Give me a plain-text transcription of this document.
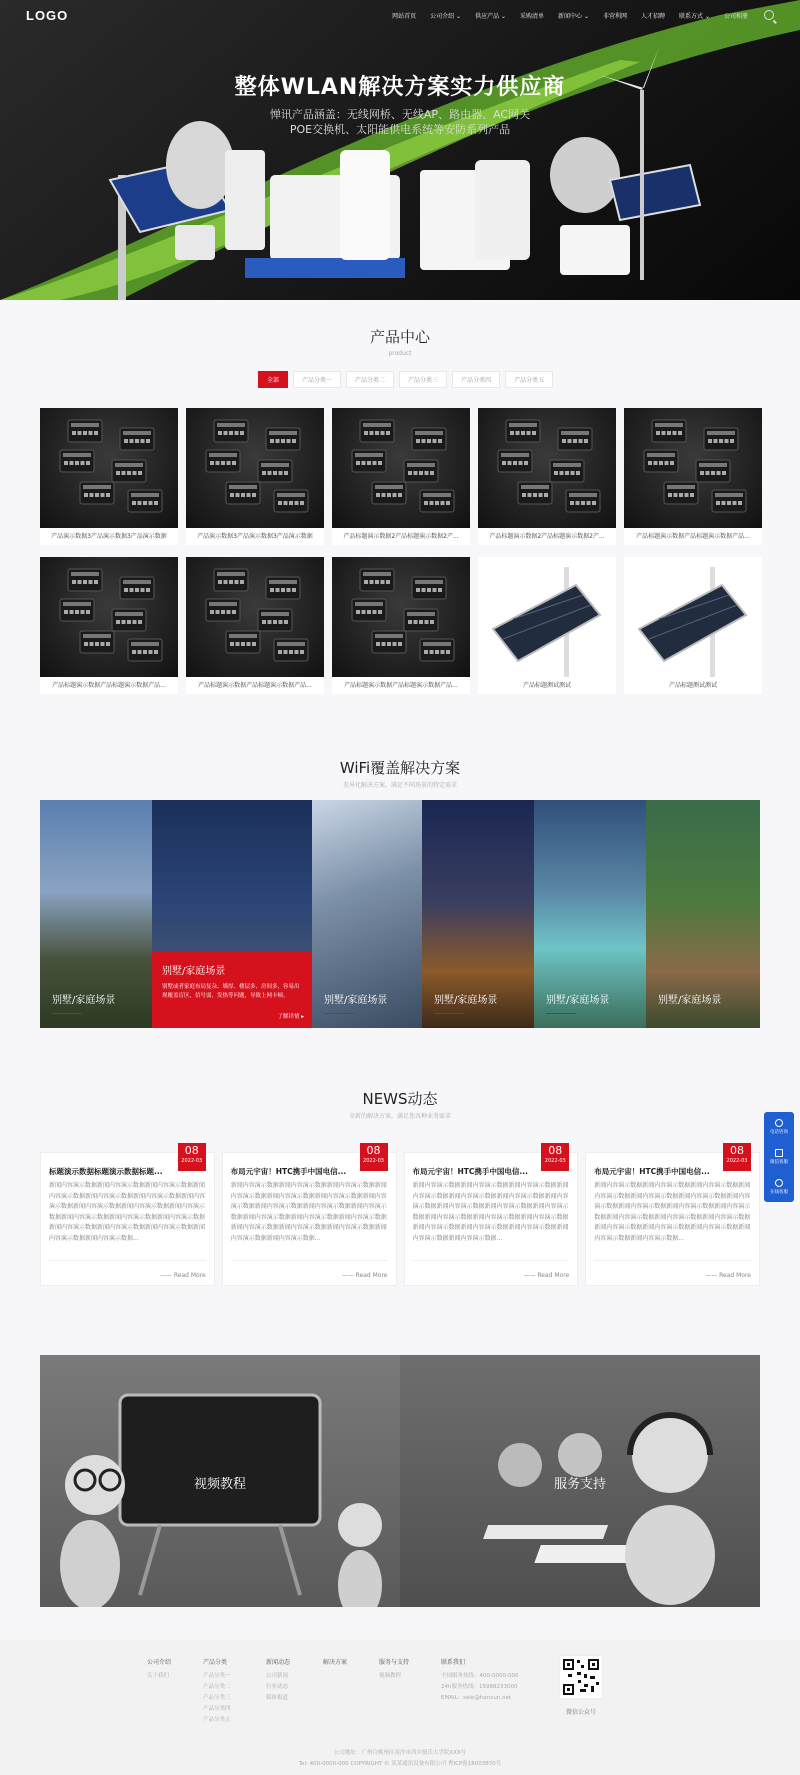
整体WLAN解决方案实力供应商

惮讯产品涵盖：无线网桥、无线AP、路由器、AC网关

POE交换机、太阳能供电系统等安防系列产品

LOGO	网站首页 公司介绍 ⌄ 供应产品 ⌄ 采购清单 新闻中心 ⌄ 非营利网 人才招聘 联系方式 ⌄ 公司相册
产品中心
product
全部	产品分类一	产品分类二	产品分类三	产品分类四	产品分类五
产品演示数据3产品演示数据3产品演示数据	产品演示数据3产品演示数据3产品演示数据	产品标题演示数据2产品标题演示数据2产...	产品标题演示数据2产品标题演示数据2产...	产品标题演示数据产品标题演示数据产品...
产品标题演示数据产品标题演示数据产品...	产品标题演示数据产品标题演示数据产品...	产品标题演示数据产品标题演示数据产品...	产品标题测试测试	产品标题测试测试
WiFi覆盖解决方案
差异化解决方案，满足不同场景的特定需求
别墅/家庭场景
别墅/家庭场景
别墅或者家庭布局复杂、墙厚、楼层多、房间多，容易出现覆盖盲区，信号弱、发热等问题，导致上网卡顿。
了解详情 ▸
别墅/家庭场景	别墅/家庭场景	别墅/家庭场景	别墅/家庭场景
NEWS动态
全新的解决方案，满足您各种业务需求
08
2022-03
标题演示数据标题演示数据标题...
新闻内容演示数据新闻内容演示数据新闻内容演示数据新闻内容演示数据新闻内容演示数据新闻内容演示数据新闻内容演示数据新闻内容演示数据新闻内容演示数据新闻内容演示数据新闻内容演示数据新闻内容演示数据新闻内容演示数据新闻内容演示数据新闻内容演示数据新闻内容演示数据新闻内容演示数据新闻内容演示数据...
—— Read More
08
2022-03
布局元宇宙！HTC携手中国电信...
新闻内容演示数据新闻内容演示数据新闻内容演示数据新闻内容演示数据新闻内容演示数据新闻内容演示数据新闻内容演示数据新闻内容演示数据新闻内容演示数据新闻内容演示数据新闻内容演示数据新闻内容演示数据新闻内容演示数据新闻内容演示数据新闻内容演示数据新闻内容演示数据新闻内容演示数据新闻内容演示数据...
—— Read More
08
2022-03
布局元宇宙！HTC携手中国电信...
新闻内容演示数据新闻内容演示数据新闻内容演示数据新闻内容演示数据新闻内容演示数据新闻内容演示数据新闻内容演示数据新闻内容演示数据新闻内容演示数据新闻内容演示数据新闻内容演示数据新闻内容演示数据新闻内容演示数据新闻内容演示数据新闻内容演示数据新闻内容演示数据新闻内容演示数据新闻内容演示数据...
—— Read More
08
2022-03
布局元宇宙！HTC携手中国电信...
新闻内容演示数据新闻内容演示数据新闻内容演示数据新闻内容演示数据新闻内容演示数据新闻内容演示数据新闻内容演示数据新闻内容演示数据新闻内容演示数据新闻内容演示数据新闻内容演示数据新闻内容演示数据新闻内容演示数据新闻内容演示数据新闻内容演示数据新闻内容演示数据新闻内容演示数据新闻内容演示数据...
—— Read More
视频教程	服务支持
公司介绍
关于我们
产品分类
产品分类一
产品分类二
产品分类三
产品分类四
产品分类五
新闻动态
公司新闻
行业动态
媒体报道
解决方案	服务与支持
视频教程
联系我们
全国服务热线：400-0000-000
24h服务热线：15988233000
EMAIL：sale@hanxun.net
微信公众号
公司地址：广州白桃州区南沙市西乡镇乐大学院XXX号
Tel: 400-0000-000 COPYRIGHT © 某某通讯设备有限公司 粤ICP备18003870号
电话咨询
微信客服
在线客服
